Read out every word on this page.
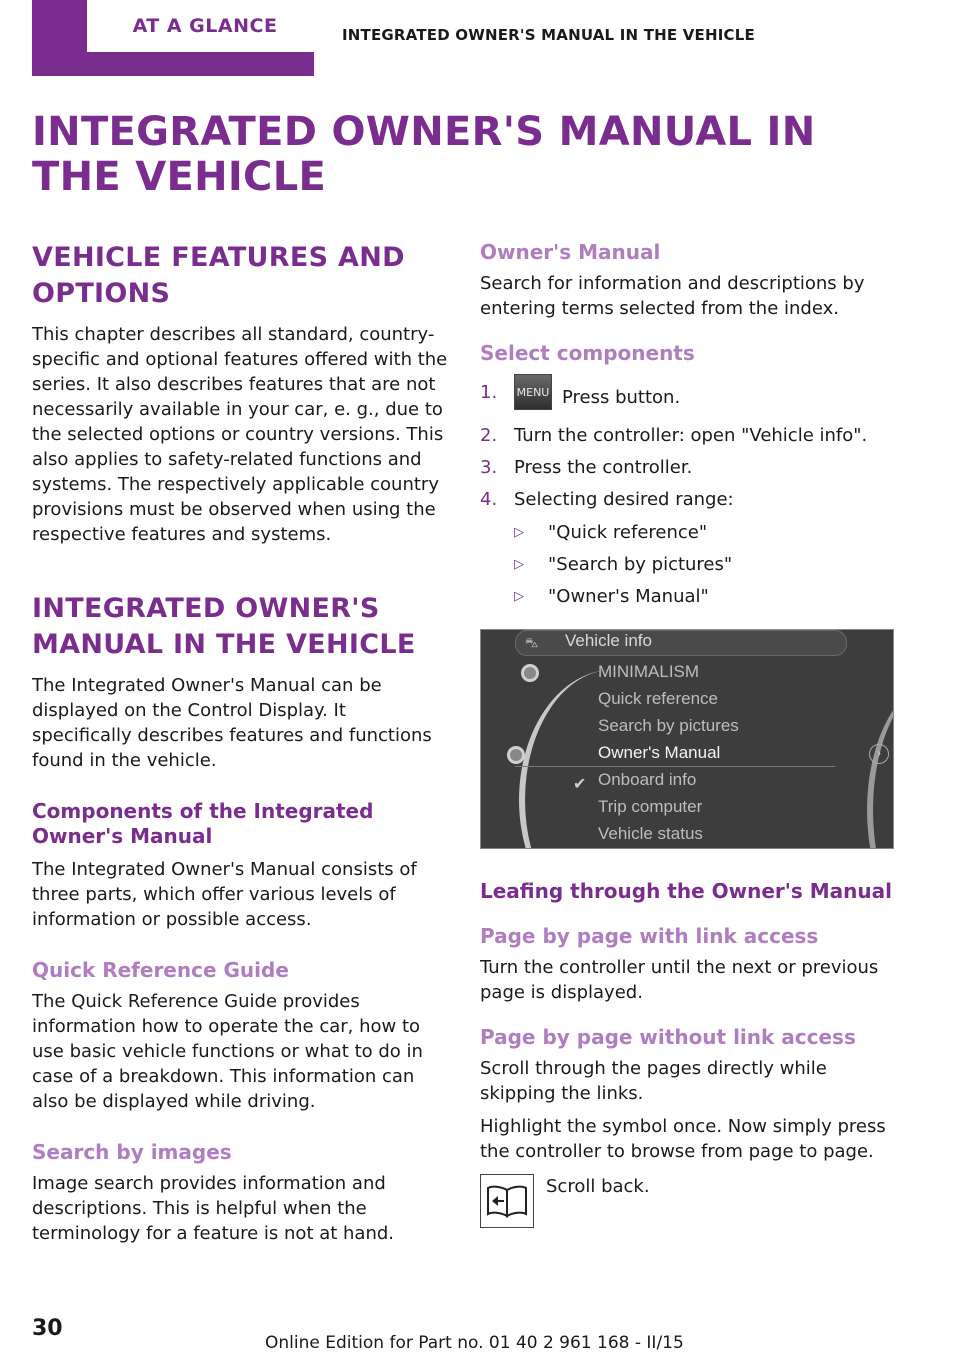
AT A GLANCE	INTEGRATED OWNER'S MANUAL IN THE VEHICLE
INTEGRATED OWNER'S MANUAL IN THE VEHICLE
VEHICLE FEATURES AND OPTIONS

This chapter describes all standard, country-specific and optional features offered with the series. It also describes features that are not necessarily available in your car, e. g., due to the selected options or country versions. This also applies to safety-related functions and systems. The respectively applicable country provisions must be observed when using the respective features and systems.

INTEGRATED OWNER'S MANUAL IN THE VEHICLE

The Integrated Owner's Manual can be displayed on the Control Display. It specifically describes features and functions found in the vehicle.

Components of the Integrated Owner's Manual

The Integrated Owner's Manual consists of three parts, which offer various levels of information or possible access.

Quick Reference Guide

The Quick Reference Guide provides information how to operate the car, how to use basic vehicle functions or what to do in case of a breakdown. This information can also be displayed while driving.

Search by images

Image search provides information and descriptions. This is helpful when the terminology for a feature is not at hand.

Owner's Manual

Search for information and descriptions by entering terms selected from the index.

Select components
1. MENU Press button.
2. Turn the controller: open "Vehicle info".
3. Press the controller.
4. Selecting desired range:
▷ "Quick reference"
▷ "Search by pictures"
▷ "Owner's Manual"
⛍ Vehicle info
MINIMALISM
Quick reference
Search by pictures
Owner's Manual
✔ Onboard info
Trip computer
Vehicle status
›
Leafing through the Owner's Manual
Page by page with link access

Turn the controller until the next or previous page is displayed.

Page by page without link access

Scroll through the pages directly while skipping the links.

Highlight the symbol once. Now simply press the controller to browse from page to page.

Scroll back.

30
Online Edition for Part no. 01 40 2 961 168 - II/15
